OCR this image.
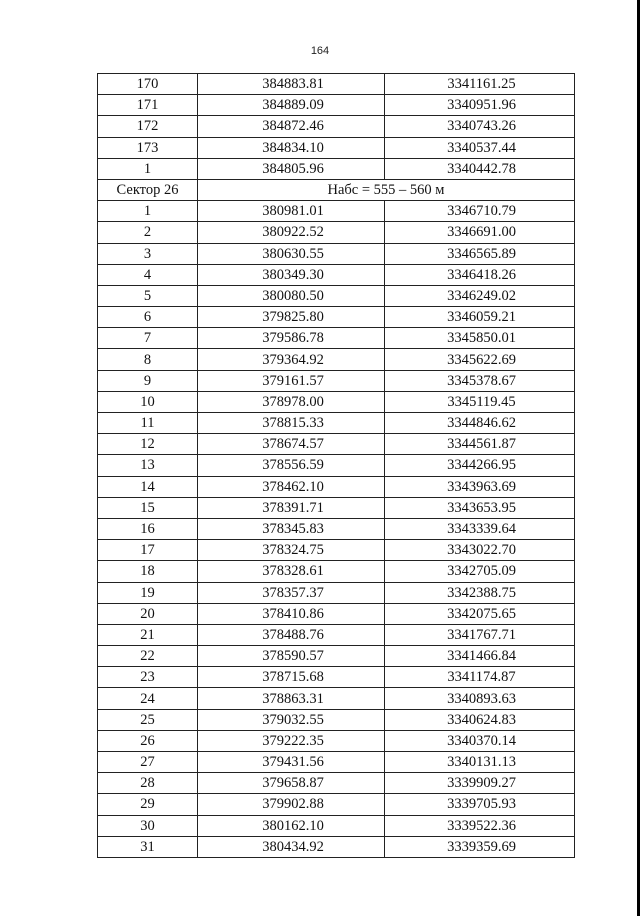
164
170	384883.81	3341161.25
171	384889.09	3340951.96
172	384872.46	3340743.26
173	384834.10	3340537.44
1	384805.96	3340442.78
Сектор 26	Набс = 555 – 560 м	
1	380981.01	3346710.79
2	380922.52	3346691.00
3	380630.55	3346565.89
4	380349.30	3346418.26
5	380080.50	3346249.02
6	379825.80	3346059.21
7	379586.78	3345850.01
8	379364.92	3345622.69
9	379161.57	3345378.67
10	378978.00	3345119.45
11	378815.33	3344846.62
12	378674.57	3344561.87
13	378556.59	3344266.95
14	378462.10	3343963.69
15	378391.71	3343653.95
16	378345.83	3343339.64
17	378324.75	3343022.70
18	378328.61	3342705.09
19	378357.37	3342388.75
20	378410.86	3342075.65
21	378488.76	3341767.71
22	378590.57	3341466.84
23	378715.68	3341174.87
24	378863.31	3340893.63
25	379032.55	3340624.83
26	379222.35	3340370.14
27	379431.56	3340131.13
28	379658.87	3339909.27
29	379902.88	3339705.93
30	380162.10	3339522.36
31	380434.92	3339359.69
